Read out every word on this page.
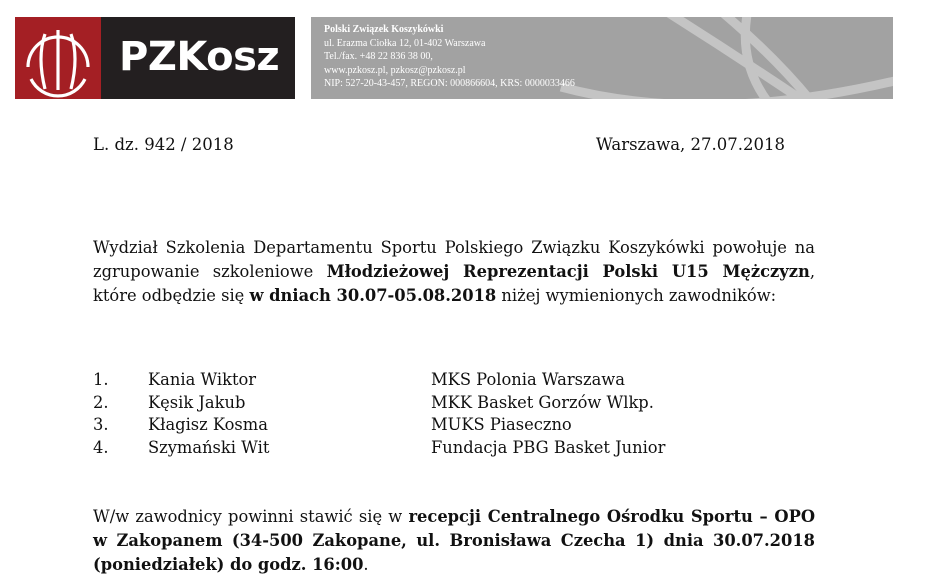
PZKosz
Polski Związek Koszykówki
ul. Erazma Ciołka 12, 01-402 Warszawa
Tel./fax. +48 22 836 38 00,
www.pzkosz.pl, pzkosz@pzkosz.pl
NIP: 527-20-43-457, REGON: 000866604, KRS: 0000033466
L. dz. 942 / 2018	Warszawa, 27.07.2018
Wydział Szkolenia Departamentu Sportu Polskiego Związku Koszykówki powołuje na zgrupowanie szkoleniowe Młodzieżowej Reprezentacji Polski U15 Mężczyzn, które odbędzie się w dniach 30.07-05.08.2018 niżej wymienionych zawodników:
1.	Kania Wiktor	MKS Polonia Warszawa
2.	Kęsik Jakub	MKK Basket Gorzów Wlkp.
3.	Kłagisz Kosma	MUKS Piaseczno
4.	Szymański Wit	Fundacja PBG Basket Junior
W/w zawodnicy powinni stawić się w recepcji Centralnego Ośrodku Sportu – OPO w Zakopanem (34-500 Zakopane, ul. Bronisława Czecha 1) dnia 30.07.2018 (poniedziałek) do godz. 16:00.
